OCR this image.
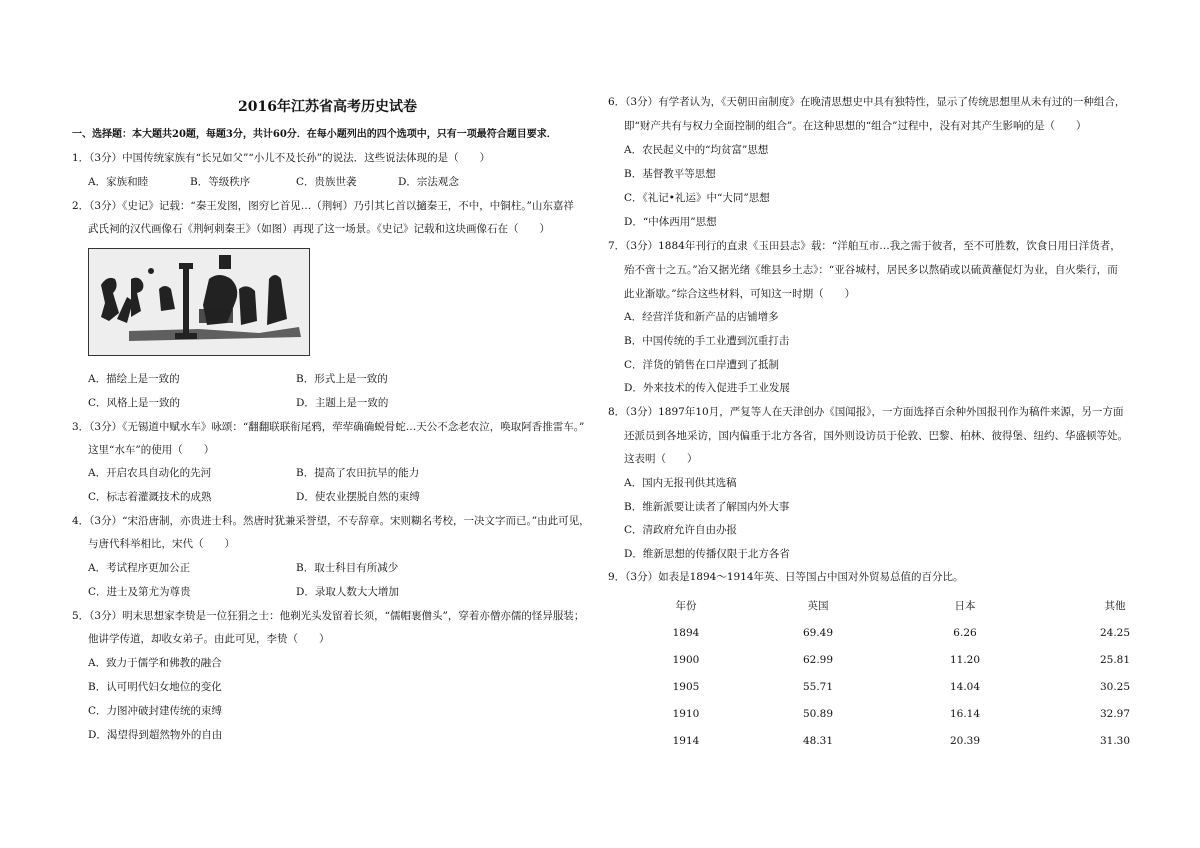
2016年江苏省高考历史试卷
一、选择题：本大题共20题，每题3分，共计60分．在每小题列出的四个选项中，只有一项最符合题目要求．
1．（3分）中国传统家族有“长兄如父”“小儿不及长孙”的说法．这些说法体现的是（　　）
A．家族和睦	B．等级秩序	C．贵族世袭	D．宗法观念
2．（3分）《史记》记载：“秦王发图，图穷匕首见…（荆轲）乃引其匕首以擿秦王，不中，中铜柱。”山东嘉祥
武氏祠的汉代画像石《荆轲刺秦王》（如图）再现了这一场景。《史记》记载和这块画像石在（　　）
A．描绘上是一致的	B．形式上是一致的
C．风格上是一致的	D．主题上是一致的
3．（3分）《无锡道中赋水车》咏颂：“翻翻联联衔尾鸦，荦荦确确蜕骨蛇…天公不念老农泣，唤取阿香推雷车。”
这里“水车”的使用（　　）
A．开启农具自动化的先河	B．提高了农田抗旱的能力
C．标志着灌溉技术的成熟	D．使农业摆脱自然的束缚
4．（3分）“宋沿唐制，亦贵进士科。然唐时犹兼采誉望，不专辞章。宋则糊名考校，一决文字而已。”由此可见，
与唐代科举相比，宋代（　　）
A．考试程序更加公正	B．取士科目有所减少
C．进士及第尤为尊贵	D．录取人数大大增加
5．（3分）明末思想家李贽是一位狂狷之士：他剃光头发留着长须，“儒帽裹僧头”，穿着亦僧亦儒的怪异服装；
他讲学传道，却收女弟子。由此可见，李贽（　　）
A．致力于儒学和佛教的融合
B．认可明代妇女地位的变化
C．力图冲破封建传统的束缚
D．渴望得到超然物外的自由
6．（3分）有学者认为，《天朝田亩制度》在晚清思想史中具有独特性，显示了传统思想里从未有过的一种组合，
即“财产共有与权力全面控制的组合”。在这种思想的“组合”过程中，没有对其产生影响的是（　　）
A．农民起义中的“均贫富”思想
B．基督教平等思想
C．《礼记•礼运》中“大同”思想
D．“中体西用”思想
7．（3分）1884年刊行的直隶《玉田县志》载：“洋舶互市…我之需于彼者，至不可胜数，饮食日用日洋货者，
殆不啻十之五。”冶又据光绪《维县乡土志》：“亚谷城村，居民多以熬硝或以硫黄蘸促灯为业，自火柴行，而
此业渐歇。”综合这些材料，可知这一时期（　　）
A．经营洋货和新产品的店铺增多
B．中国传统的手工业遭到沉重打击
C．洋货的销售在口岸遭到了抵制
D．外来技术的传入促进手工业发展
8．（3分）1897年10月，严复等人在天津创办《国闻报》，一方面选择百余种外国报刊作为稿件来源，另一方面
还派员到各地采访，国内偏重于北方各省，国外则设访员于伦敦、巴黎、柏林、彼得堡、纽约、华盛顿等处。
这表明（　　）
A．国内无报刊供其选稿
B．维新派要让读者了解国内外大事
C．清政府允许自由办报
D．维新思想的传播仅限于北方各省
9．（3分）如表是1894～1914年英、日等国占中国对外贸易总值的百分比。
年份	英国	日本	其他
1894	69.49	6.26	24.25
1900	62.99	11.20	25.81
1905	55.71	14.04	30.25
1910	50.89	16.14	32.97
1914	48.31	20.39	31.30
